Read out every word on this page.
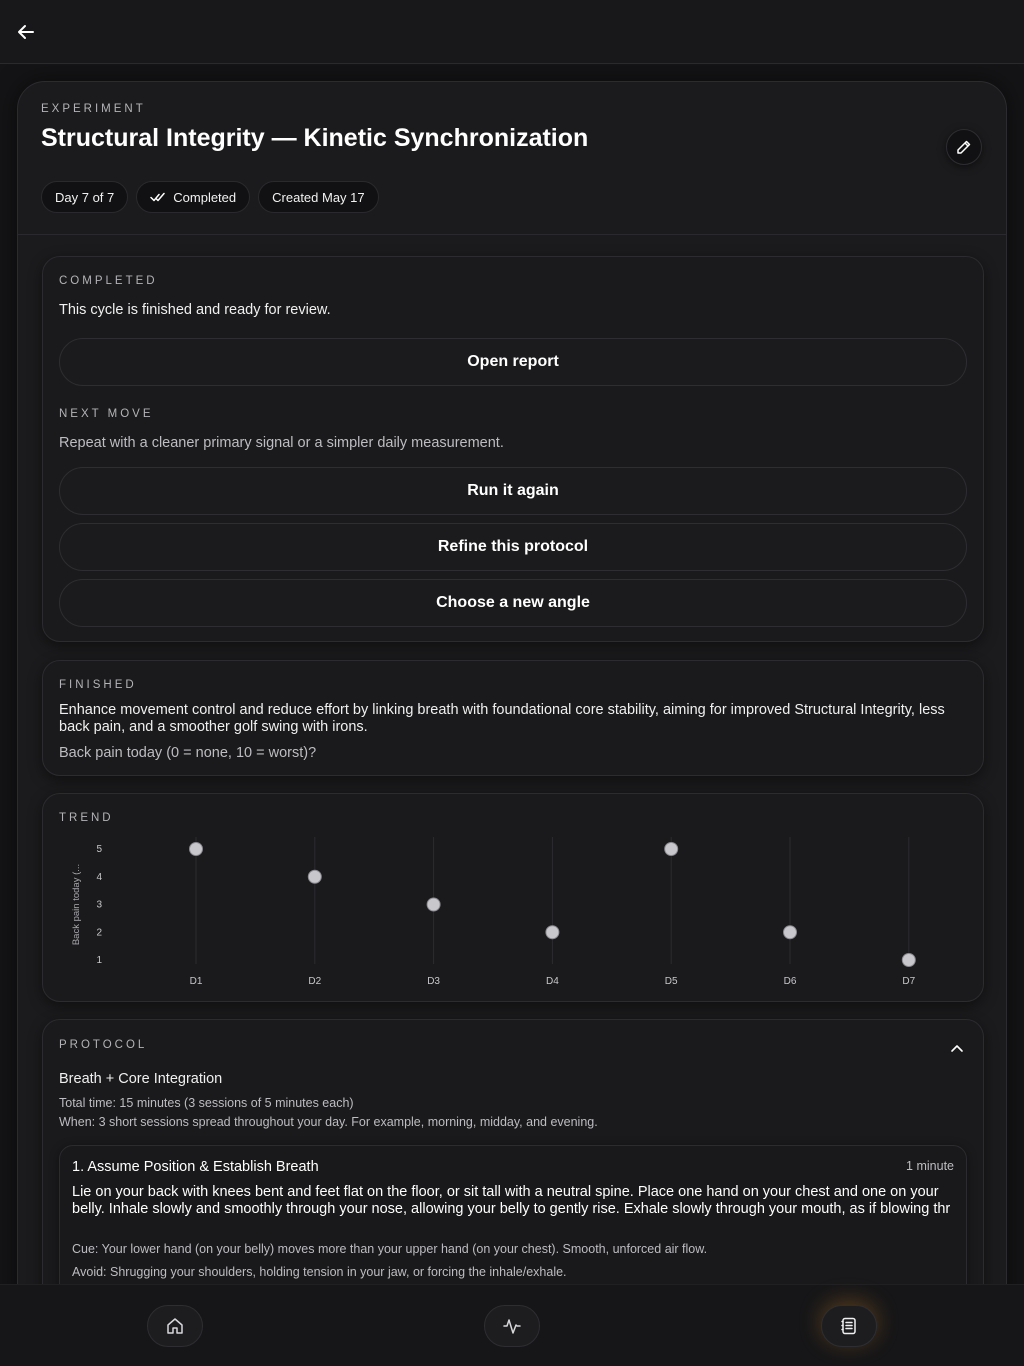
EXPERIMENT
Structural Integrity — Kinetic Synchronization
Day 7 of 7	Completed	Created May 17
COMPLETED
This cycle is finished and ready for review.
Open report
NEXT MOVE
Repeat with a cleaner primary signal or a simpler daily measurement.
Run it again
Refine this protocol
Choose a new angle
FINISHED
Enhance movement control and reduce effort by linking breath with foundational core stability, aiming for improved Structural Integrity, less back pain, and a smoother golf swing with irons.
Back pain today (0 = none, 10 = worst)?
TREND
Back pain today (...
1
2
3
4
5
D1	D2	D3	D4	D5	D6	D7
PROTOCOL
Breath + Core Integration
Total time: 15 minutes (3 sessions of 5 minutes each)
When: 3 short sessions spread throughout your day. For example, morning, midday, and evening.
1. Assume Position & Establish Breath	1 minute
Lie on your back with knees bent and feet flat on the floor, or sit tall with a neutral spine. Place one hand on your chest and one on your belly. Inhale slowly and smoothly through your nose, allowing your belly to gently rise. Exhale slowly through your mouth, as if blowing thr
Cue: Your lower hand (on your belly) moves more than your upper hand (on your chest). Smooth, unforced air flow.
Avoid: Shrugging your shoulders, holding tension in your jaw, or forcing the inhale/exhale.
